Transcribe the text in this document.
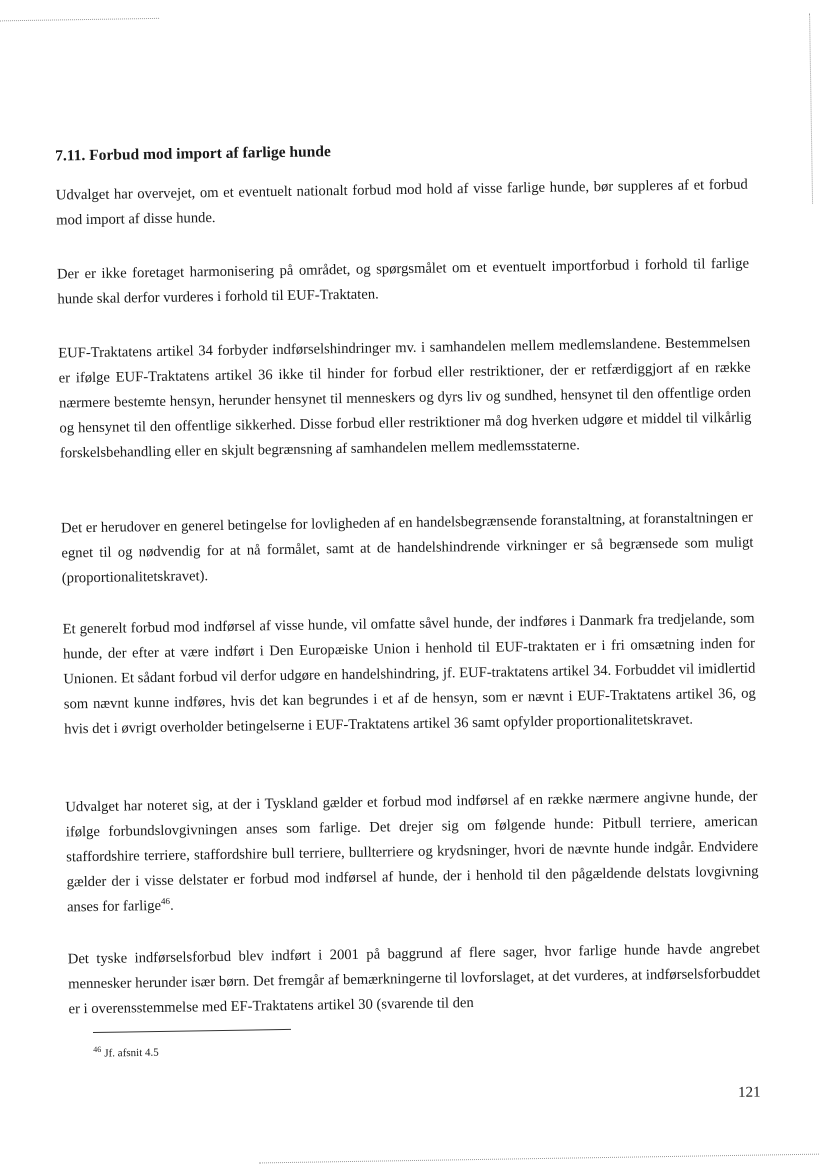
7.11. Forbud mod import af farlige hunde

Udvalget har overvejet, om et eventuelt nationalt forbud mod hold af visse farlige hunde, bør suppleres af et forbud mod import af disse hunde.

Der er ikke foretaget harmonisering på området, og spørgsmålet om et eventuelt importforbud i forhold til farlige hunde skal derfor vurderes i forhold til EUF-Traktaten.

EUF-Traktatens artikel 34 forbyder indførselshindringer mv. i samhandelen mellem medlemslandene. Bestemmelsen er ifølge EUF-Traktatens artikel 36 ikke til hinder for forbud eller restriktioner, der er retfærdiggjort af en række nærmere bestemte hensyn, herunder hensynet til menneskers og dyrs liv og sundhed, hensynet til den offentlige orden og hensynet til den offentlige sikkerhed. Disse forbud eller restriktioner må dog hverken udgøre et middel til vilkårlig forskelsbehandling eller en skjult begrænsning af samhandelen mellem medlemsstaterne.

Det er herudover en generel betingelse for lovligheden af en handelsbegrænsende foranstaltning, at foranstaltningen er egnet til og nødvendig for at nå formålet, samt at de handelshindrende virkninger er så begrænsede som muligt (proportionalitetskravet).

Et generelt forbud mod indførsel af visse hunde, vil omfatte såvel hunde, der indføres i Danmark fra tredjelande, som hunde, der efter at være indført i Den Europæiske Union i henhold til EUF-traktaten er i fri omsætning inden for Unionen. Et sådant forbud vil derfor udgøre en handelshindring, jf. EUF-traktatens artikel 34. Forbuddet vil imidlertid som nævnt kunne indføres, hvis det kan begrundes i et af de hensyn, som er nævnt i EUF-Traktatens artikel 36, og hvis det i øvrigt overholder betingelserne i EUF-Traktatens artikel 36 samt opfylder proportionalitetskravet.

Udvalget har noteret sig, at der i Tyskland gælder et forbud mod indførsel af en række nærmere angivne hunde, der ifølge forbundslovgivningen anses som farlige. Det drejer sig om følgende hunde: Pitbull terriere, american staffordshire terriere, staffordshire bull terriere, bullterriere og krydsninger, hvori de nævnte hunde indgår. Endvidere gælder der i visse delstater er forbud mod indførsel af hunde, der i henhold til den pågældende delstats lovgivning anses for farlige$^{46}$.

Det tyske indførselsforbud blev indført i 2001 på baggrund af flere sager, hvor farlige hunde havde angrebet mennesker herunder især børn. Det fremgår af bemærkningerne til lovforslaget, at det vurderes, at indførselsforbuddet er i overensstemmelse med EF-Traktatens artikel 30 (svarende til den

$^{46}$ Jf. afsnit 4.5

121
